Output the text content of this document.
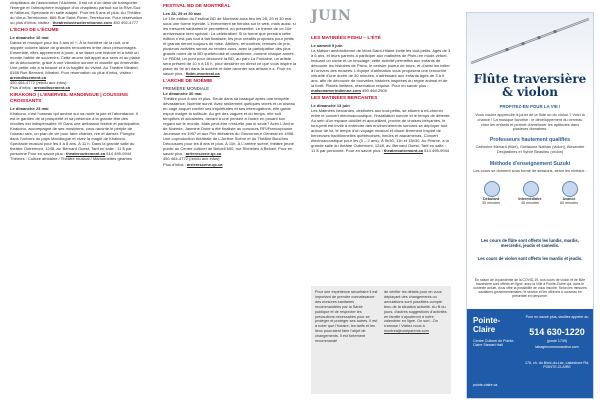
chapiteaux de l'association l'Alchimie. Il est né d'un désir de transporter l'énergie et l'atmosphère magique d'un chapiteau partout sur la Rive-Sud et l'ailleurs. Spectacle en salle adapté. Pour les 5 ans et plus. Au Théâtre du Vieux-Terrebonne, 866 Rue Saint-Pierre, Terrebonne. Pour réservation ou plus d'infos, visitez : theatreduvieuxterrebonne.com 450 492-4777

L'ÉCHO DE L'ÉCUME

Le dimanche 16 mai
Danse et musique pour les 3 ans et +. À la frontière de la nuit, une nappée colorée laisse de grandes rencontres entre deux personnages. Ensemble, elles apprennent à jouer, à se tisser une histoire et à bâtir un monde habité de souvenirs. Cette œuvre fait appel aux sens et au plaisir de la découverte, grâce à une vibration sonore et visuelle qui émerveille. Une petite ode à la beauté et à la fragilité du vivant. Au Théâtre Mirabel, 6165 Rue Bernard, Mirabel. Pour réservation ou plus d'infos, visitez : arrondissement.ca
450 464-4772 (rendu aux infos)
Plus d'infos : arrondissement.ca

KIRAKONO | L'ENERVEIL MANDINGUE | COUSSINS CROISSANTS

Le dimanche 23 mai
Kirakono, c'est l'osseau qui amène sur sa route la joie et l'abondance. Il est le gardien de la prospérité et sa présence à la grande fête des récoltes est indispensable !!!! Dans une ambiance festive et participative, Kirakono, accompagné de ses musiciens, vous raconte le périple de l'oiseau rare, un plan de vie pour faire chanter, rire et danser. Plongez dans l'univers du pays Mandingue et vivez la magie de Kirakono. Spectacle musical pour les 4 à 8 ans. À 11 h. Dans la grande salle du théâtre Outremont, 1248, av. Bernard Ouest. Tarif en salle : 11 $ par personne Pour en savoir plus : theatreoutremont.ca 514 495-9944
Thèmes : Culture africaine / Théâtre musical / Marionnettes géantes

FESTIVAL BD DE MONTRÉAL

Les 28, 29 et 30 mai
Le 10e édition du Festival BD de Montréal aura lieu les 28, 29 et 30 mai sous une forme hybride. L'événement se tiendra sur le web, mais aussi, si les mesures sanitaires le permettent, en présentiel. Le thème de ce 10e anniversaire bien spécial : La célébration! Si la forme que prendra cette édition n'est pas tout à fait finalisée, les jeux créatifs proposés pour petits et grands seront toujours de mise. Ateliers, rencontres, remises de prix, plusieurs activités seront au rendez-vous, avec la participation des plus grands noms de la BD québécoise et canadienne, comme chaque année. Le FBDM, un pont pour découvrir la BD, au parc La Fontaine, un artiste sera présent de 10 h à 16 h, pour dessiner en direct ce que vous inspire la place du 9e art dans la société et faire raconter ses artisan.e.s. Pour en savoir plus : fbdm-montreal.ca

L'ARCHE DE NOÉMIE

PREMIÈRE MONDIALE
Le dimanche 30 mai
Théâtre pour 8 ans et plus. Seule dans sa baraque après une tempête dévastatrice, Noémie survit. Avec seulement quelques vivres et un oiseau en cage auquel confier ses inquiétudes et ses interrogations, elle garde espoir malgré la solitude. Au gré des vagues et du temps, elle suit tempêtes et accalmies, devant à une pensée à l'autre en posant son regard sur le monde. Mais peut-être n'est-elle pas si seule? Avec L'Arche de Noémie, Jasmine Dubé a été finaliste au concours RFI/Francophonie Jeunesse en 1997 et aux Prix littéraires du Gouverneur Général en 1998.
Une coproduction théâtrale de L'Arrière Scène et du Théâtre Bouches Décousues pour les 8 ans et plus. À 11h. À L'arrière scène, théâtre jeune public au Centre culturel de Beloeil 600, rue Richelieu à Beloeil. Pour en savoir plus : arrierescene.qc.ca
450 464-4772 (rendu aux infos)
Plus d'infos : arrierescene.qc.ca

JUIN
LES MATINÉES PISHU – L'ÉTÉ

Le samedi 5 juin
La Maison amérindienne de Mont-Saint-Hilaire invite les tout-petits, âgés de 3 à 6 ans, et leurs parents à participer aux matinées de Pishu en mode virtuel. Incluant un conte et un bricolage, cette activité permettra aux enfants de découvrir les histoires de Pishu, le cerisier joueur de tours, et d'ainsi les initier à l'univers des musées. L'équipe d'animation vous proposera une rencontre virtuelle d'une durée de 30 minutes, s'adressant aux enfants âgés de 3 à 6 ans, afin de découvrir de nouvelles histoires inspirées du règne animal et de la forêt. Places limitées, réservation requise. Pour en savoir plus : maisonamerindienne.com 450 464-2500

LES MATINÉES BERCANTES

Le dimanche 13 juin
Les Matinées bercantes, destinées aux tout-petits, se situent à mi-chemin entre le concert électroacoustique, l'installation sonore et le temps de détente. Au sein d'un espace douillet et accueillant, proche de chaises berçantes, le tout-petit est invité à entendre des environnements sonores se déployer tout autour de lui, le temps d'un voyage musical et visuel librement inspiré de berceuses traditionnelles québécoises, innues et atacamenas. Concert électroacoustique pour les (0 – 2 ans). À 9h30, 11h et 15h30. Au Prisme, à la grande salle du théâtre Outremont, 1248, av. Bernard Ouest. Tarif en salle : 11 $ par personne. Pour en savoir plus : theatreoutremont.ca 514 495-9944

Pour une expérience sécuritaire il est important de prendre connaissance des mesures sanitaires recommandées par la Santé publique et de respecter les précautions nécessaires pour se protéger et protéger ses autres. Il est à noter que l'horaire, les tarifs et les lieux pourraient faire l'objet de changements. Il est fortement recommandé
de vérifier les détails pour en vous déplaçant des changements ou annulations sont possibles compte tenu de la situation actuelle. Au fil du jours, d'autres suggestions d'activités en famille s'ajouteront à notre calendrier en ligne. On sort...On s'amuse ! Visitez nous à montrealjeuneparents.com
Flûte traversière
& violon
PROFITEZ-EN POUR LA VIE !
Vous voulez apprendre à jouer de la flûte ou du violon ? Voici la chance ! La musique favorise : le développement du cerveau chez les enfants et permet d'améliorer les aptitudes dans plusieurs domaines.
Professeurs hautement qualifiés
Catherine Ménard (flûte), Guillaume Nathan (violon), Alexandre Desjardines et Sylvie Beaulieu (violon)
Méthode d'enseignement Suzuki
Les cours se donnent sous forme de sessions, selon les niveaux :
Débutant
30 minutes
Intermédiaire
45 minutes
Avancé
60 minutes
Les cours de flûte sont offerts les lundis, mardis, mercredis, jeudis et samedis.
Les cours de violon sont offerts les mardis et jeudis.
En raison de la pandémie de la COVID-19, nos cours de violon et de flûte traversière sont offerts en ligne, avec la Ville à Pointe-Claire qui, dans le contexte actuel, vous offre la possibilité de vous inscrire. Selon les mesures sanitaires gouvernementales, le service et les offrirons à nouveau en présentiel en personne.
Pointe-Claire
Pour en savoir plus, veuillez appeler au
514 630-1220
(poste 1749)
tabagiecommunauteur.com
Centre Culturel de Pointe-Claire Stewart Hall
176, ch. du Bord-du-Lac, Lakeshore Rd, POINTE-CLAIRE
pointe-claire.ca
